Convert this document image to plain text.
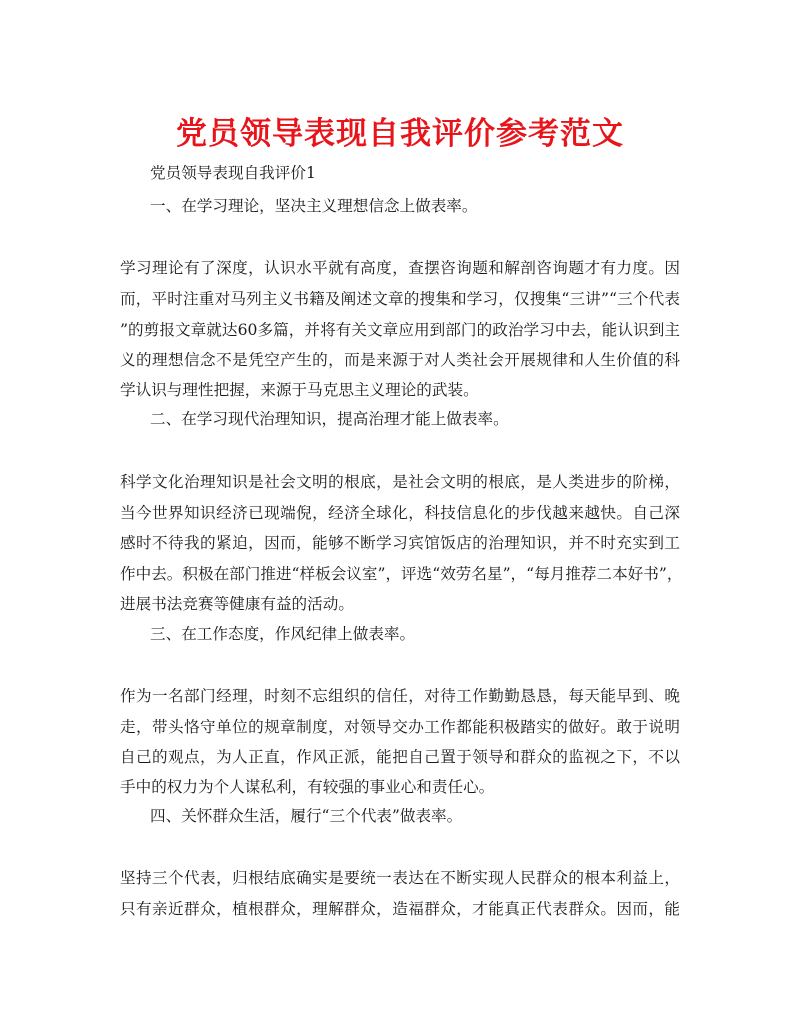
党员领导表现自我评价参考范文
党员领导表现自我评价1
一、在学习理论，坚决主义理想信念上做表率。
学习理论有了深度，认识水平就有高度，查摆咨询题和解剖咨询题才有力度。因
而，平时注重对马列主义书籍及阐述文章的搜集和学习，仅搜集“三讲”“三个代表
”的剪报文章就达60多篇，并将有关文章应用到部门的政治学习中去，能认识到主
义的理想信念不是凭空产生的，而是来源于对人类社会开展规律和人生价值的科
学认识与理性把握，来源于马克思主义理论的武装。
二、在学习现代治理知识，提高治理才能上做表率。
科学文化治理知识是社会文明的根底，是社会文明的根底，是人类进步的阶梯，
当今世界知识经济已现端倪，经济全球化，科技信息化的步伐越来越快。自己深
感时不待我的紧迫，因而，能够不断学习宾馆饭店的治理知识，并不时充实到工
作中去。积极在部门推进“样板会议室”，评选“效劳名星”，“每月推荐二本好书”，
进展书法竞赛等健康有益的活动。
三、在工作态度，作风纪律上做表率。
作为一名部门经理，时刻不忘组织的信任，对待工作勤勤恳恳，每天能早到、晚
走，带头恪守单位的规章制度，对领导交办工作都能积极踏实的做好。敢于说明
自己的观点，为人正直，作风正派，能把自己置于领导和群众的监视之下，不以
手中的权力为个人谋私利，有较强的事业心和责任心。
四、关怀群众生活，履行“三个代表”做表率。
坚持三个代表，归根结底确实是要统一表达在不断实现人民群众的根本利益上，
只有亲近群众，植根群众，理解群众，造福群众，才能真正代表群众。因而，能
